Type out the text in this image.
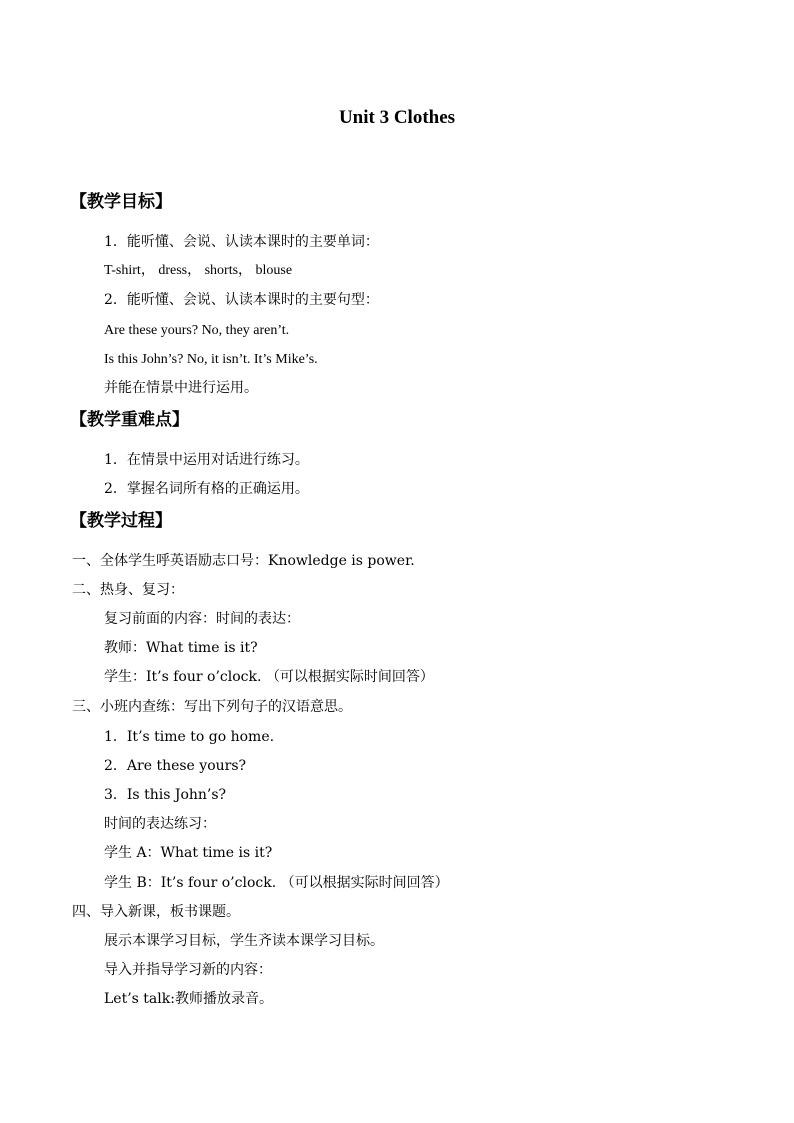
Unit 3 Clothes
【教学目标】
1．能听懂、会说、认读本课时的主要单词：
T-shirt， dress， shorts， blouse
2．能听懂、会说、认读本课时的主要句型：
Are these yours? No, they aren’t.
Is this John’s? No, it isn’t. It’s Mike’s.
并能在情景中进行运用。
【教学重难点】
1．在情景中运用对话进行练习。
2．掌握名词所有格的正确运用。
【教学过程】
一、全体学生呼英语励志口号：Knowledge is power.
二、热身、复习：
复习前面的内容：时间的表达：
教师：What time is it?
学生：It’s four o’clock. （可以根据实际时间回答）
三、小班内查练：写出下列句子的汉语意思。
1．It’s time to go home.
2．Are these yours?
3．Is this John’s?
时间的表达练习：
学生 A：What time is it?
学生 B：It’s four o’clock. （可以根据实际时间回答）
四、导入新课，板书课题。
展示本课学习目标，学生齐读本课学习目标。
导入并指导学习新的内容：
Let’s talk:教师播放录音。
